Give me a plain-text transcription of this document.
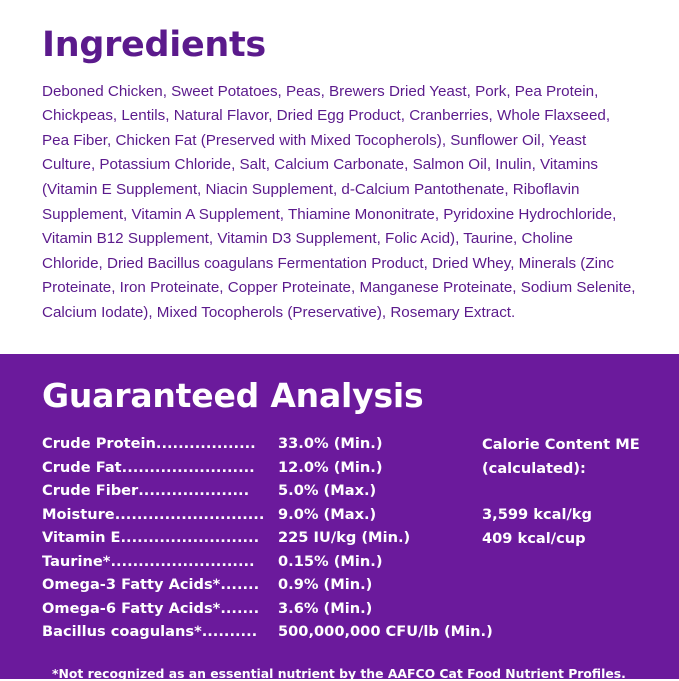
Ingredients

Deboned Chicken, Sweet Potatoes, Peas, Brewers Dried Yeast, Pork, Pea Protein, Chickpeas, Lentils, Natural Flavor, Dried Egg Product, Cranberries, Whole Flaxseed, Pea Fiber, Chicken Fat (Preserved with Mixed Tocopherols), Sunflower Oil, Yeast Culture, Potassium Chloride, Salt, Calcium Carbonate, Salmon Oil, Inulin, Vitamins (Vitamin E Supplement, Niacin Supplement, d-Calcium Pantothenate, Riboflavin Supplement, Vitamin A Supplement, Thiamine Mononitrate, Pyridoxine Hydrochloride, Vitamin B12 Supplement, Vitamin D3 Supplement, Folic Acid), Taurine, Choline Chloride, Dried Bacillus coagulans Fermentation Product, Dried Whey, Minerals (Zinc Proteinate, Iron Proteinate, Copper Proteinate, Manganese Proteinate, Sodium Selenite, Calcium Iodate), Mixed Tocopherols (Preservative), Rosemary Extract.

Guaranteed Analysis
Crude Protein .................. 33.0% (Min.)
Crude Fat ........................ 12.0% (Min.)
Crude Fiber .................... 5.0% (Max.)
Moisture ........................... 9.0% (Max.)
Vitamin E ......................... 225 IU/kg (Min.)
Taurine* .......................... 0.15% (Min.)
Omega-3 Fatty Acids* ....... 0.9% (Min.)
Omega-6 Fatty Acids* ....... 3.6% (Min.)
Bacillus coagulans* .......... 500,000,000 CFU/lb (Min.)
Calorie Content ME
(calculated):
3,599 kcal/kg
409 kcal/cup
*Not recognized as an essential nutrient by the AAFCO Cat Food Nutrient Profiles.
